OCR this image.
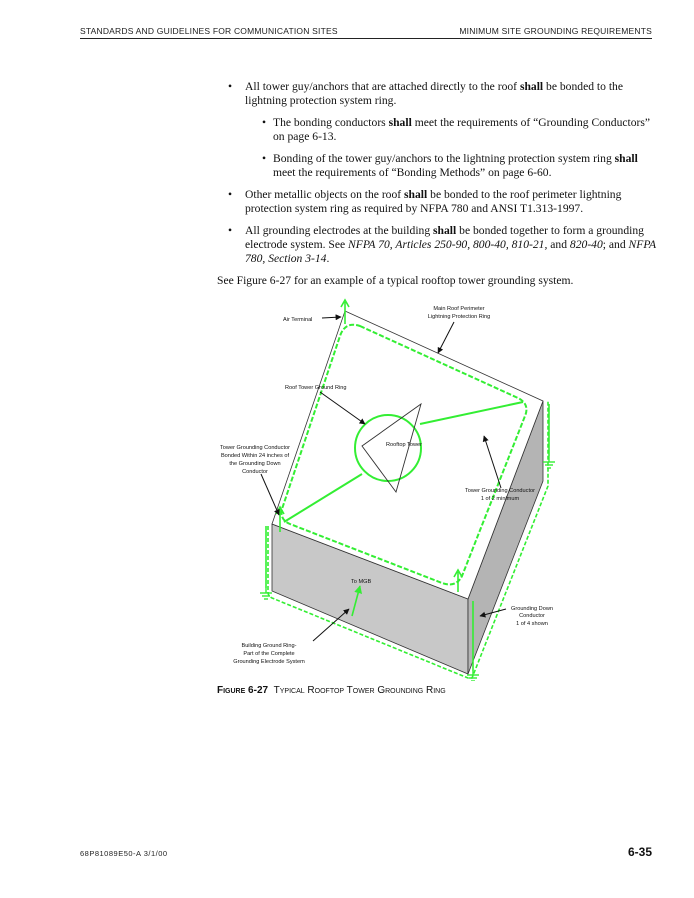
STANDARDS AND GUIDELINES FOR COMMUNICATION SITES	MINIMUM SITE GROUNDING REQUIREMENTS
• All tower guy/anchors that are attached directly to the roof shall be bonded to the lightning protection system ring.
• The bonding conductors shall meet the requirements of “Grounding Conductors” on page 6-13.
• Bonding of the tower guy/anchors to the lightning protection system ring shall meet the requirements of “Bonding Methods” on page 6-60.
• Other metallic objects on the roof shall be bonded to the roof perimeter lightning protection system ring as required by NFPA 780 and ANSI T1.313-1997.
• All grounding electrodes at the building shall be bonded together to form a grounding electrode system. See NFPA 70, Articles 250-90, 800-40, 810-21, and 820-40; and NFPA 780, Section 3-14.
See Figure 6-27 for an example of a typical rooftop tower grounding system.
Air Terminal
Main Roof Perimeter
Lightning Protection Ring
Roof Tower Ground Ring
Rooftop Tower
Tower Grounding Conductor
Bonded Within 24 inches of
the Grounding Down
Conductor
Tower Grounding Conductor
1 of 2 minimum
To MGB
Grounding Down
Conductor
1 of 4 shown
Building Ground Ring-
Part of the Complete
Grounding Electrode System
Figure 6-27 Typical Rooftop Tower Grounding Ring
68P81089E50-A 3/1/00	6-35
